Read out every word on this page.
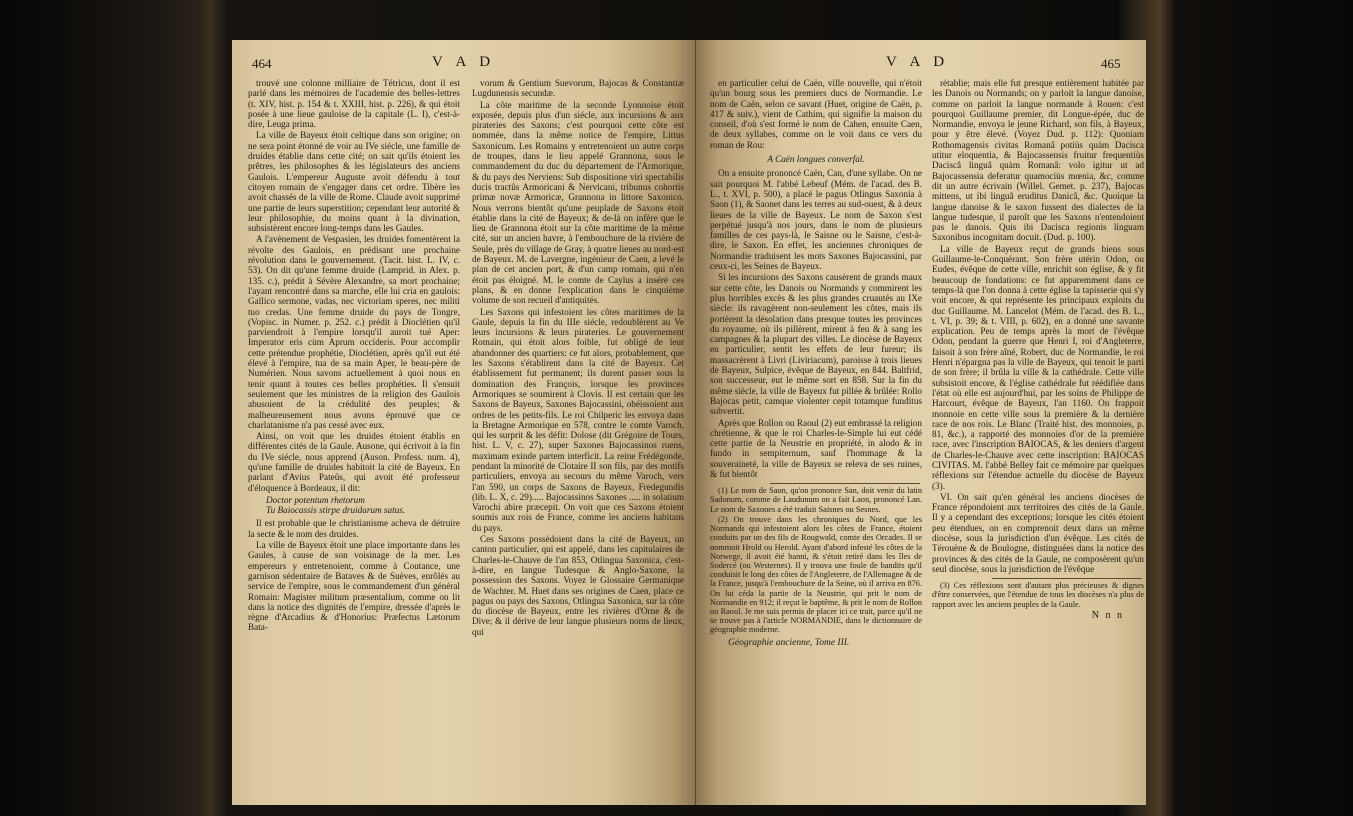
464	V A D

trouvé une colonne milliaire de Tétricus, dont il est parlé dans les mémoires de l'academie des belles-lettres (t. XIV, hist. p. 154 & t. XXIII, hist. p. 226), & qui étoit posée à une lieue gauloise de la capitale (L. I), c'est-à-dire, Leuga prima.

La ville de Bayeux étoit celtique dans son origine; on ne sera point étonné de voir au IVe siécle, une famille de druides établie dans cette cité; on sait qu'ils étoient les prêtres, les philosophes & les législateurs des anciens Gaulois. L'empereur Auguste avoit défendu à tout citoyen romain de s'engager dans cet ordre. Tibère les avoit chassés de la ville de Rome. Claude avoit supprimé une partie de leurs superstition; cependant leur autorité & leur philosophie, du moins quant à la divination, subsistèrent encore long-temps dans les Gaules.

A l'avènement de Vespasien, les druides fomentèrent la révolte des Gaulois, en prédisant une prochaine révolution dans le gouvernement. (Tacit. hist. L. IV, c. 53). On dit qu'une femme druide (Lamprid. in Alex. p. 135. c.), prédit à Sévère Alexandre, sa mort prochaine; l'ayant rencontré dans sa marche, elle lui cria en gaulois: Gallico sermone, vadas, nec victoriam speres, nec militi tuo credas. Une femme druide du pays de Tongre, (Vopisc. in Numer. p. 252. c.) prédit à Dioclétien qu'il parviendroit à l'empire lorsqu'il auroit tué Aper: Imperator eris cùm Aprum occideris. Pour accomplir cette prétendue prophétie, Dioclétien, après qu'il eut été élevé à l'empire, tua de sa main Aper, le beau-père de Numérien. Nous savons actuellement à quoi nous en tenir quant à toutes ces belles prophéties. Il s'ensuit seulement que les ministres de la religion des Gaulois abusoient de la crédulité des peuples; & malheureusement nous avons éprouvé que ce charlatanisme n'a pas cessé avec eux.

Ainsi, on voit que les druides étoient établis en différentes cités de la Gaule. Ausone, qui écrivoit à la fin du IVe siécle, nous apprend (Auson. Profess. num. 4), qu'une famille de druides habitoit la cité de Bayeux. En parlant d'Avius Pateûs, qui avoit été professeur d'éloquence à Bordeaux, il dit:

Doctor potentum rhetorum
Tu Baiocassis stirpe druidarum satus.

Il est probable que le christianisme acheva de détruire la secte & le nom des druides.

La ville de Bayeux étoit une place importante dans les Gaules, à cause de son voisinage de la mer. Les empereurs y entretenoient, comme à Coutance, une garnison sédentaire de Bataves & de Suèves, enrôlés au service de l'empire, sous le commandement d'un général Romain: Magister militum præsentalium, comme on lit dans la notice des dignités de l'empire, dressée d'après le règne d'Arcadius & d'Honorius: Præfectus Lætorum Bata-

vorum & Gentium Suevorum, Bajocas & Constantiæ Lugdunensis secundæ.

La côte maritime de la seconde Lyonnoise étoit exposée, depuis plus d'un siécle, aux incursions & aux pirateries des Saxons; c'est pourquoi cette côte est nommée, dans la même notice de l'empire, Littus Saxonicum. Les Romains y entretenoient un autre corps de troupes, dans le lieu appelé Grannona, sous le commandement du duc du département de l'Armorique, & du pays des Nerviens: Sub dispositione viri spectabilis ducis tractûs Armoricani & Nervicani, tribunus cohortis primæ novæ Armoricæ, Grannona in littore Saxonico. Nous verrons bientôt qu'une peuplade de Saxons étoit établie dans la cité de Bayeux; & de-là on infère que le lieu de Grannona étoit sur la côte maritime de la même cité, sur un ancien havre, à l'embouchure de la rivière de Seule, près du village de Gray, à quatre lieues au nord-est de Bayeux. M. de Lavergne, ingénieur de Caen, a levé le plan de cet ancien port, & d'un camp romain, qui n'en étoit pas éloigné. M. le comte de Caylus a inséré ces plans, & en donne l'explication dans le cinquième volume de son recueil d'antiquités.

Les Saxons qui infestoient les côtes maritimes de la Gaule, depuis la fin du IIIe siécle, redoublèrent au Ve leurs incursions & leurs pirateries. Le gouvernement Romain, qui étoit alors foible, fut obligé de leur abandonner des quartiers: ce fut alors, probablement, que les Saxons s'établirent dans la cité de Bayeux. Cet établissement fut permanent; ils durent passer sous la domination des François, lorsque les provinces Armoriques se soumirent à Clovis. Il est certain que les Saxons de Bayeux, Saxones Bajocassini, obéissoient aux ordres de les petits-fils. Le roi Chilperic les envoya dans la Bretagne Armorique en 578, contre le comte Varoch, qui les surprit & les défit: Dolose (dit Grégoire de Tours, hist. L. V, c. 27), super Saxones Bajocassinos ruens, maximam exinde partem interficit. La reine Frédégonde, pendant la minorité de Clotaire II son fils, par des motifs particuliers, envoya au secours du même Varoch, vers l'an 590, un corps de Saxons de Bayeux, Fredegundis (lib. L. X, c. 29)..... Bajocassinos Saxones ..... in solatium Varochi abire præcepit. On voit que ces Saxons étoient soumis aux rois de France, comme les anciens habitans du pays.

Ces Saxons possédoient dans la cité de Bayeux, un canton particulier, qui est appelé, dans les capitulaires de Charles-le-Chauve de l'an 853, Otlingua Saxonica, c'est-à-dire, en langue Tudesque & Anglo-Saxone, la possession des Saxons. Voyez le Glossaire Germanique de Wachter. M. Huet dans ses origines de Caen, place ce pagus ou pays des Saxons, Otlingua Saxonica, sur la côte du diocèse de Bayeux, entre les rivières d'Orne & de Dive; & il dérive de leur langue plusieurs noms de lieux, qui

V A D	465

en particulier celui de Caën, ville nouvelle, qui n'étoit qu'un bourg sous les premiers ducs de Normandie. Le nom de Caën, selon ce savant (Huet, origine de Caën, p. 417 & suiv.), vient de Cathim, qui signifie la maison du conseil, d'où s'est formé le nom de Cahen, ensuite Caen, de deux syllabes, comme on le voit dans ce vers du roman de Rou:

A Caën longues converfal.

On a ensuite prononcé Caën, Can, d'une syllabe. On ne sait pourquoi M. l'abbé Lebeuf (Mém. de l'acad. des B. L., t. XVI, p. 500), a placé le pagus Otlingus Saxonia à Saon (1), & Saonet dans les terres au sud-ouest, & à deux lieues de la ville de Bayeux. Le nom de Saxon s'est perpétué jusqu'à nos jours, dans le nom de plusieurs familles de ces pays-là, le Saisne ou le Saisne, c'est-à-dire, le Saxon. En effet, les anciennes chroniques de Normandie traduisent les mots Saxones Bajocassini, par ceux-ci, les Seines de Bayeux.

Si les incursions des Saxons causèrent de grands maux sur cette côte, les Danois ou Normands y commirent les plus horribles excès & les plus grandes cruautés au IXe siècle: ils ravagèrent non-seulement les côtes, mais ils portèrent la désolation dans presque toutes les provinces du royaume, où ils pillèrent, mirent à feu & à sang les campagnes & la plupart des villes. Le diocèse de Bayeux en particulier, sentit les effets de leur fureur; ils massacrèrent à Livri (Liviriacum), paroisse à trois lieues de Bayeux, Sulpice, évêque de Bayeux, en 844. Baltfrid, son successeur, eut le même sort en 858. Sur la fin du même siècle, la ville de Bayeux fut pillée & brûlée: Rollo Bajocas petit, camque violenter cepit totamque funditus subvertit.

Après que Rollon ou Raoul (2) eut embrassé la religion chrétienne, & que le roi Charles-le-Simple lui eut cédé cette partie de la Neustrie en propriété, in alodo & in fundo in sempiternum, sauf l'hommage & la souveraineté, la ville de Bayeux se releva de ses ruines, & fut bientôt

(1) Le nom de Saon, qu'on prononce San, doit venir du latin Sadonum, comme de Laudunum on a fait Laon, prononcé Lan. Le nom de Saxones a été traduit Saisnes ou Sesnes.

(2) On trouve dans les chroniques du Nord, que les Normands qui infestoient alors les côtes de France, étoient conduits par un des fils de Rougwald, comte des Orcades. Il se nommoit Hrold ou Herold. Ayant d'abord infesté les côtes de la Norwege, il avoit été banni, & s'étoit retiré dans les îles de Sodercé (ou Westernes). Il y trouva une foule de bandits qu'il conduisit le long des côtes de l'Angleterre, de l'Allemagne & de la France, jusqu'à l'embouchure de la Seine, où il arriva en 876. On lui céda la partie de la Neustrie, qui prit le nom de Normandie en 912; il reçut le baptême, & prit le nom de Rollon ou Raoul. Je me suis permis de placer ici ce trait, parce qu'il ne se trouve pas à l'article NORMANDIE, dans le dictionnaire de géographie moderne.

Géographie ancienne, Tome III.

rétablie; mais elle fut presque entièrement habitée par les Danois ou Normands; on y parloit la langue danoise, comme on parloit la langue normande à Rouen: c'est pourquoi Guillaume premier, dit Longue-épée, duc de Normandie, envoya le jeune Richard, son fils, à Bayeux, pour y être élevé. (Voyez Dud. p. 112): Quoniam Rothomagensis civitas Romanâ potiùs quàm Dacisca utitur eloquentia, & Bajocassensis fruitur frequentiùs Daciscâ linguâ quàm Romanâ: volo igitur ut ad Bajocassensia deferatur quamociùs mœnia, &c, comme dit un autre écrivain (Willel. Gemet. p. 237), Bajocas mittens, ut ibi linguâ eruditus Danicâ, &c. Quoique la langue danoise & le saxon fussent des dialectes de la langue tudesque, il paroît que les Saxons n'entendoient pas le danois. Quis ibi Dacisca regionis linguam Saxonibus incognitam docuit. (Dud. p. 100).

La ville de Bayeux reçut de grands biens sous Guillaume-le-Conquérant. Son frère utérin Odon, ou Eudes, évêque de cette ville, enrichit son église, & y fit beaucoup de fondations: ce fut apparemment dans ce temps-là que l'on donna à cette église la tapisserie qui s'y voit encore, & qui représente les principaux exploits du duc Guillaume. M. Lancelot (Mém. de l'acad. des B. L., t. VI, p. 39; & t. VIII, p. 602), en a donné une savante explication. Peu de temps après la mort de l'évêque Odon, pendant la guerre que Henri I, roi d'Angleterre, faisoit à son frère aîné, Robert, duc de Normandie, le roi Henri n'épargna pas la ville de Bayeux, qui tenoit le parti de son frère; il brûla la ville & la cathédrale. Cette ville subsistoit encore, & l'église cathédrale fut réédifiée dans l'état où elle est aujourd'hui, par les soins de Philippe de Harcourt, évêque de Bayeux, l'an 1160. On frappoit monnoie en cette ville sous la première & la dernière race de nos rois. Le Blanc (Traité hist. des monnoies, p. 81, &c.), a rapporté des monnoies d'or de la première race, avec l'inscription BAIOCAS, & les deniers d'argent de Charles-le-Chauve avec cette inscription: BAIOCAS CIVITAS. M. l'abbé Belley fait ce mémoire par quelques réflexions sur l'étendue actuelle du diocèse de Bayeux (3).

VI. On sait qu'en général les anciens diocèses de France répondoient aux territoires des cités de la Gaule. Il y a cependant des exceptions; lorsque les cités étoient peu étendues, on en comprenoit deux dans un même diocèse, sous la jurisdiction d'un évêque. Les cités de Térouène & de Boulogne, distinguées dans la notice des provinces & des cités de la Gaule, ne composèrent qu'un seul diocèse, sous la jurisdiction de l'évêque

(3) Ces réflexions sont d'autant plus précieuses & dignes d'être conservées, que l'étendue de tous les diocèses n'a plus de rapport avec les anciens peuples de la Gaule.

N n n
